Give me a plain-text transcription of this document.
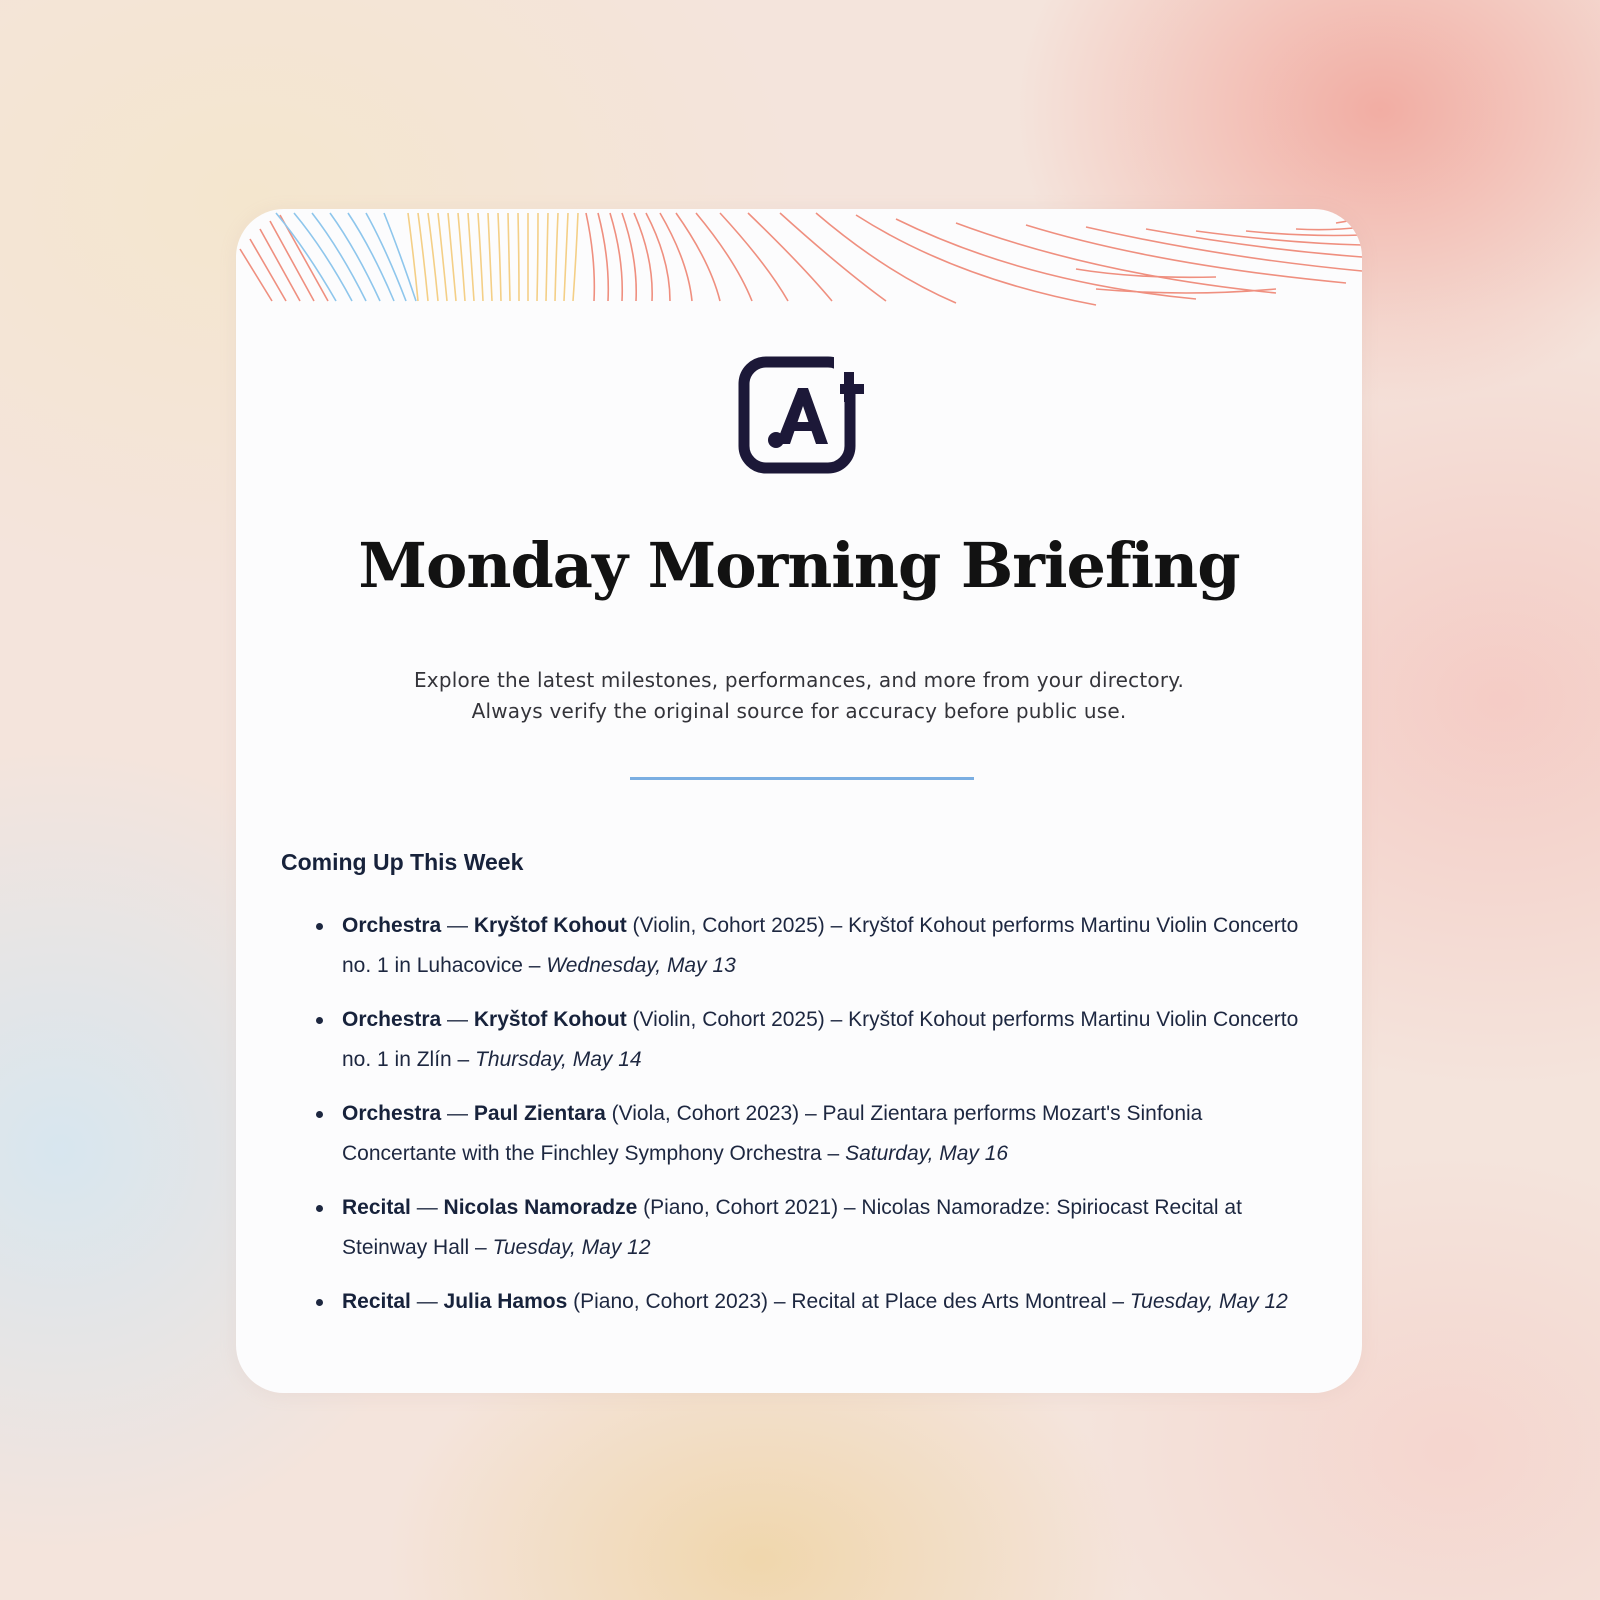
Monday Morning Briefing
Explore the latest milestones, performances, and more from your directory.
Always verify the original source for accuracy before public use.
Coming Up This Week
Orchestra — Kryštof Kohout (Violin, Cohort 2025) – Kryštof Kohout performs Martinu Violin Concerto no. 1 in Luhacovice – Wednesday, May 13
Orchestra — Kryštof Kohout (Violin, Cohort 2025) – Kryštof Kohout performs Martinu Violin Concerto no. 1 in Zlín – Thursday, May 14
Orchestra — Paul Zientara (Viola, Cohort 2023) – Paul Zientara performs Mozart's Sinfonia Concertante with the Finchley Symphony Orchestra – Saturday, May 16
Recital — Nicolas Namoradze (Piano, Cohort 2021) – Nicolas Namoradze: Spiriocast Recital at Steinway Hall – Tuesday, May 12
Recital — Julia Hamos (Piano, Cohort 2023) – Recital at Place des Arts Montreal – Tuesday, May 12
